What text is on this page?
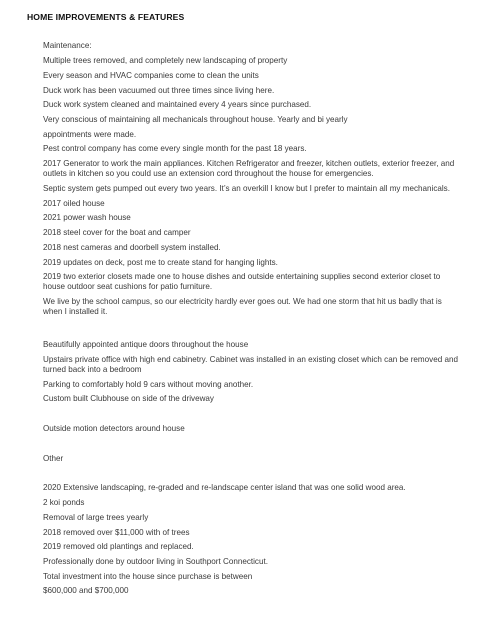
HOME IMPROVEMENTS & FEATURES

Maintenance:

Multiple trees removed, and completely new landscaping of property

Every season and HVAC companies come to clean the units

Duck work has been vacuumed out three times since living here.

Duck work system cleaned and maintained every 4 years since purchased.

Very conscious of maintaining all mechanicals throughout house. Yearly and bi yearly

appointments were made.

Pest control company has come every single month for the past 18 years.

2017 Generator to work the main appliances. Kitchen Refrigerator and freezer, kitchen outlets, exterior freezer, and outlets in kitchen so you could use an extension cord throughout the house for emergencies.

Septic system gets pumped out every two years. It’s an overkill I know but I prefer to maintain all my mechanicals.

2017 oiled house

2021 power wash house

2018 steel cover for the boat and camper

2018 nest cameras and doorbell system installed.

2019 updates on deck, post me to create stand for hanging lights.

2019 two exterior closets made one to house dishes and outside entertaining supplies second exterior closet to house outdoor seat cushions for patio furniture.

We live by the school campus, so our electricity hardly ever goes out. We had one storm that hit us badly that is when I installed it.

Beautifully appointed antique doors throughout the house

Upstairs private office with high end cabinetry. Cabinet was installed in an existing closet which can be removed and turned back into a bedroom

Parking to comfortably hold 9 cars without moving another.

Custom built Clubhouse on side of the driveway

Outside motion detectors around house

Other

2020 Extensive landscaping, re-graded and re-landscape center island that was one solid wood area.

2 koi ponds

Removal of large trees yearly

2018 removed over $11,000 with of trees

2019 removed old plantings and replaced.

Professionally done by outdoor living in Southport Connecticut.

Total investment into the house since purchase is between

$600,000 and $700,000
